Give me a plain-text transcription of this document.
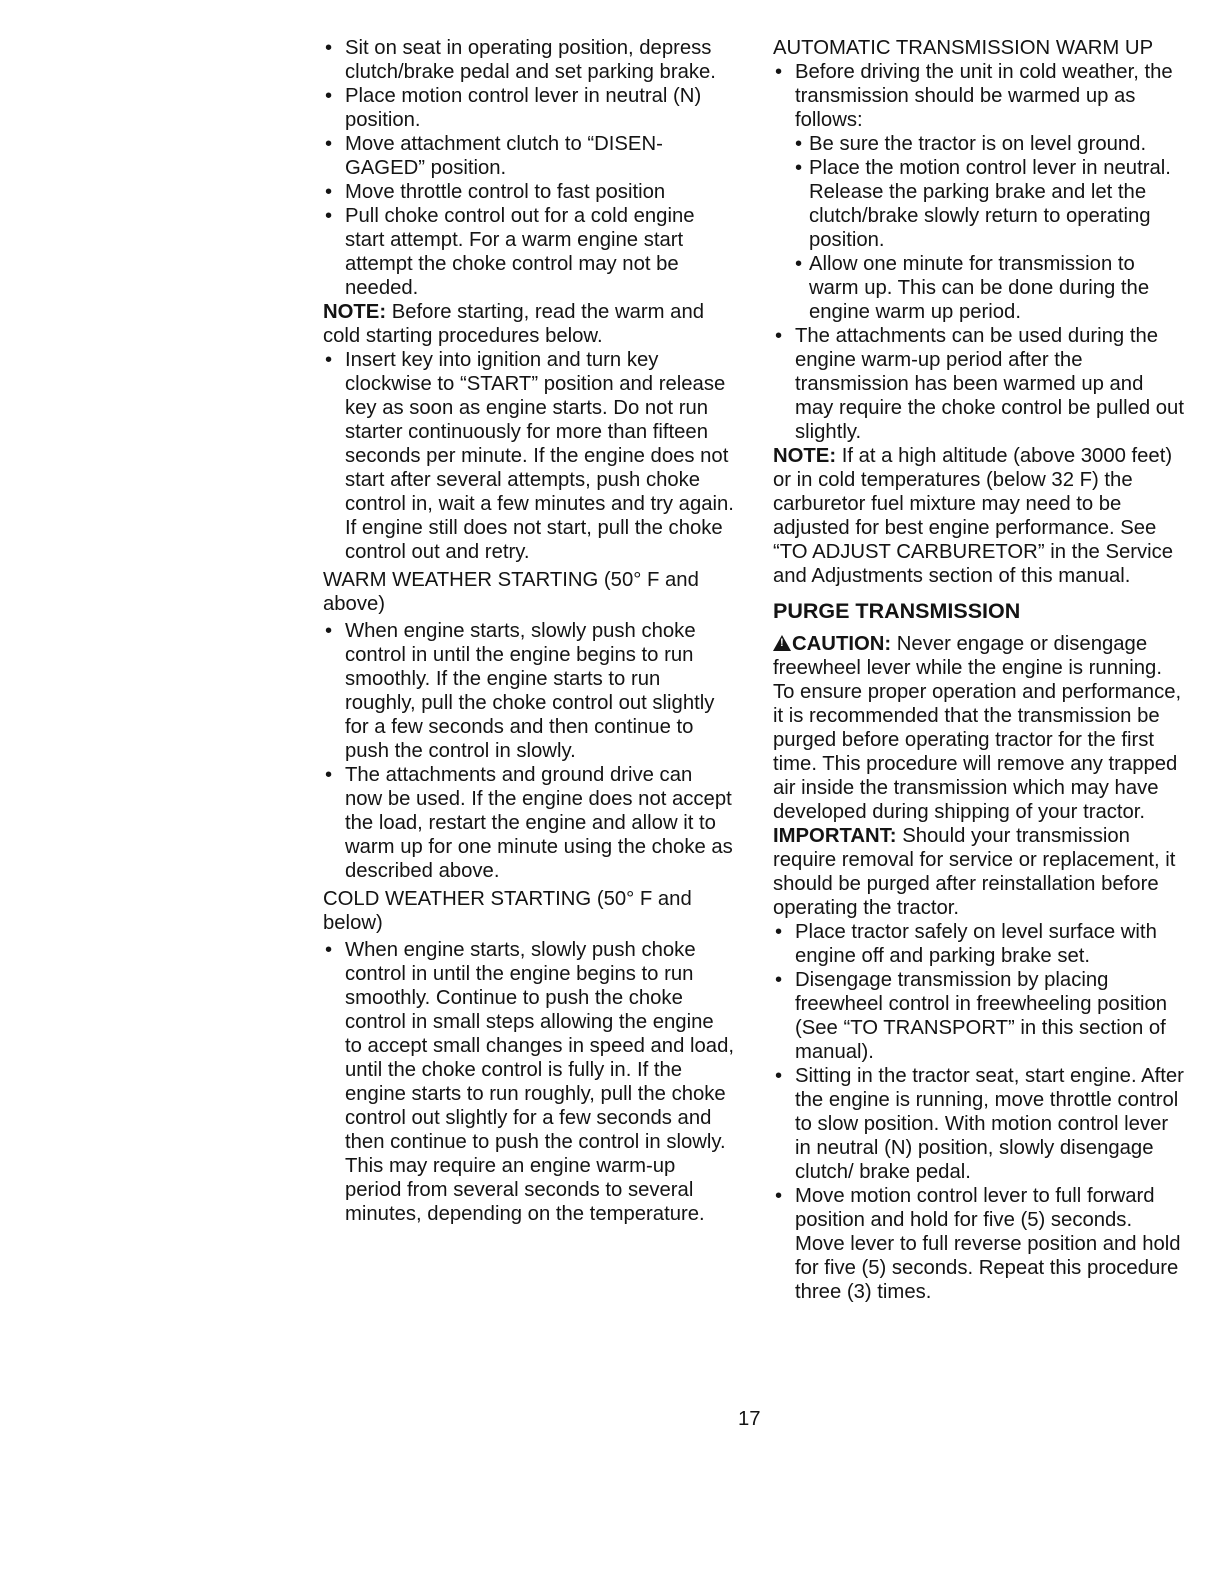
• Sit on seat in operating position, depress clutch/brake pedal and set parking brake.
• Place motion control lever in neutral (N) position.
• Move attachment clutch to “DISEN-GAGED” position.
• Move throttle control to fast position
• Pull choke control out for a cold engine start attempt. For a warm engine start attempt the choke control may not be needed.

NOTE: Before starting, read the warm and cold starting procedures below.

• Insert key into ignition and turn key clockwise to “START” position and release key as soon as engine starts. Do not run starter continuously for more than fifteen seconds per minute. If the engine does not start after several attempts, push choke control in, wait a few minutes and try again. If engine still does not start, pull the choke control out and retry.

WARM WEATHER STARTING (50° F and above)

• When engine starts, slowly push choke control in until the engine begins to run smoothly. If the engine starts to run roughly, pull the choke control out slightly for a few seconds and then continue to push the control in slowly.
• The attachments and ground drive can now be used. If the engine does not accept the load, restart the engine and allow it to warm up for one minute using the choke as described above.

COLD WEATHER STARTING (50° F and below)

• When engine starts, slowly push choke control in until the engine begins to run smoothly. Continue to push the choke control in small steps allowing the engine to accept small changes in speed and load, until the choke control is fully in. If the engine starts to run roughly, pull the choke control out slightly for a few seconds and then continue to push the control in slowly. This may require an engine warm-up period from several seconds to several minutes, depending on the temperature.

AUTOMATIC TRANSMISSION WARM UP

• Before driving the unit in cold weather, the transmission should be warmed up as follows:
• Be sure the tractor is on level ground.
• Place the motion control lever in neutral. Release the parking brake and let the clutch/brake slowly return to operating position.
• Allow one minute for transmission to warm up. This can be done during the engine warm up period.
• The attachments can be used during the engine warm-up period after the transmission has been warmed up and may require the choke control be pulled out slightly.

NOTE: If at a high altitude (above 3000 feet) or in cold temperatures (below 32 F) the carburetor fuel mixture may need to be adjusted for best engine performance. See “TO ADJUST CARBURETOR” in the Service and Adjustments section of this manual.

PURGE TRANSMISSION

!CAUTION: Never engage or disengage freewheel lever while the engine is running.

To ensure proper operation and performance, it is recommended that the transmission be purged before operating tractor for the first time. This procedure will remove any trapped air inside the transmission which may have developed during shipping of your tractor.

IMPORTANT: Should your transmission require removal for service or replacement, it should be purged after reinstallation before operating the tractor.

• Place tractor safely on level surface with engine off and parking brake set.
• Disengage transmission by placing freewheel control in freewheeling position (See “TO TRANSPORT” in this section of manual).
• Sitting in the tractor seat, start engine. After the engine is running, move throttle control to slow position. With motion control lever in neutral (N) position, slowly disengage clutch/ brake pedal.
• Move motion control lever to full forward position and hold for five (5) seconds. Move lever to full reverse position and hold for five (5) seconds. Repeat this procedure three (3) times.
17
